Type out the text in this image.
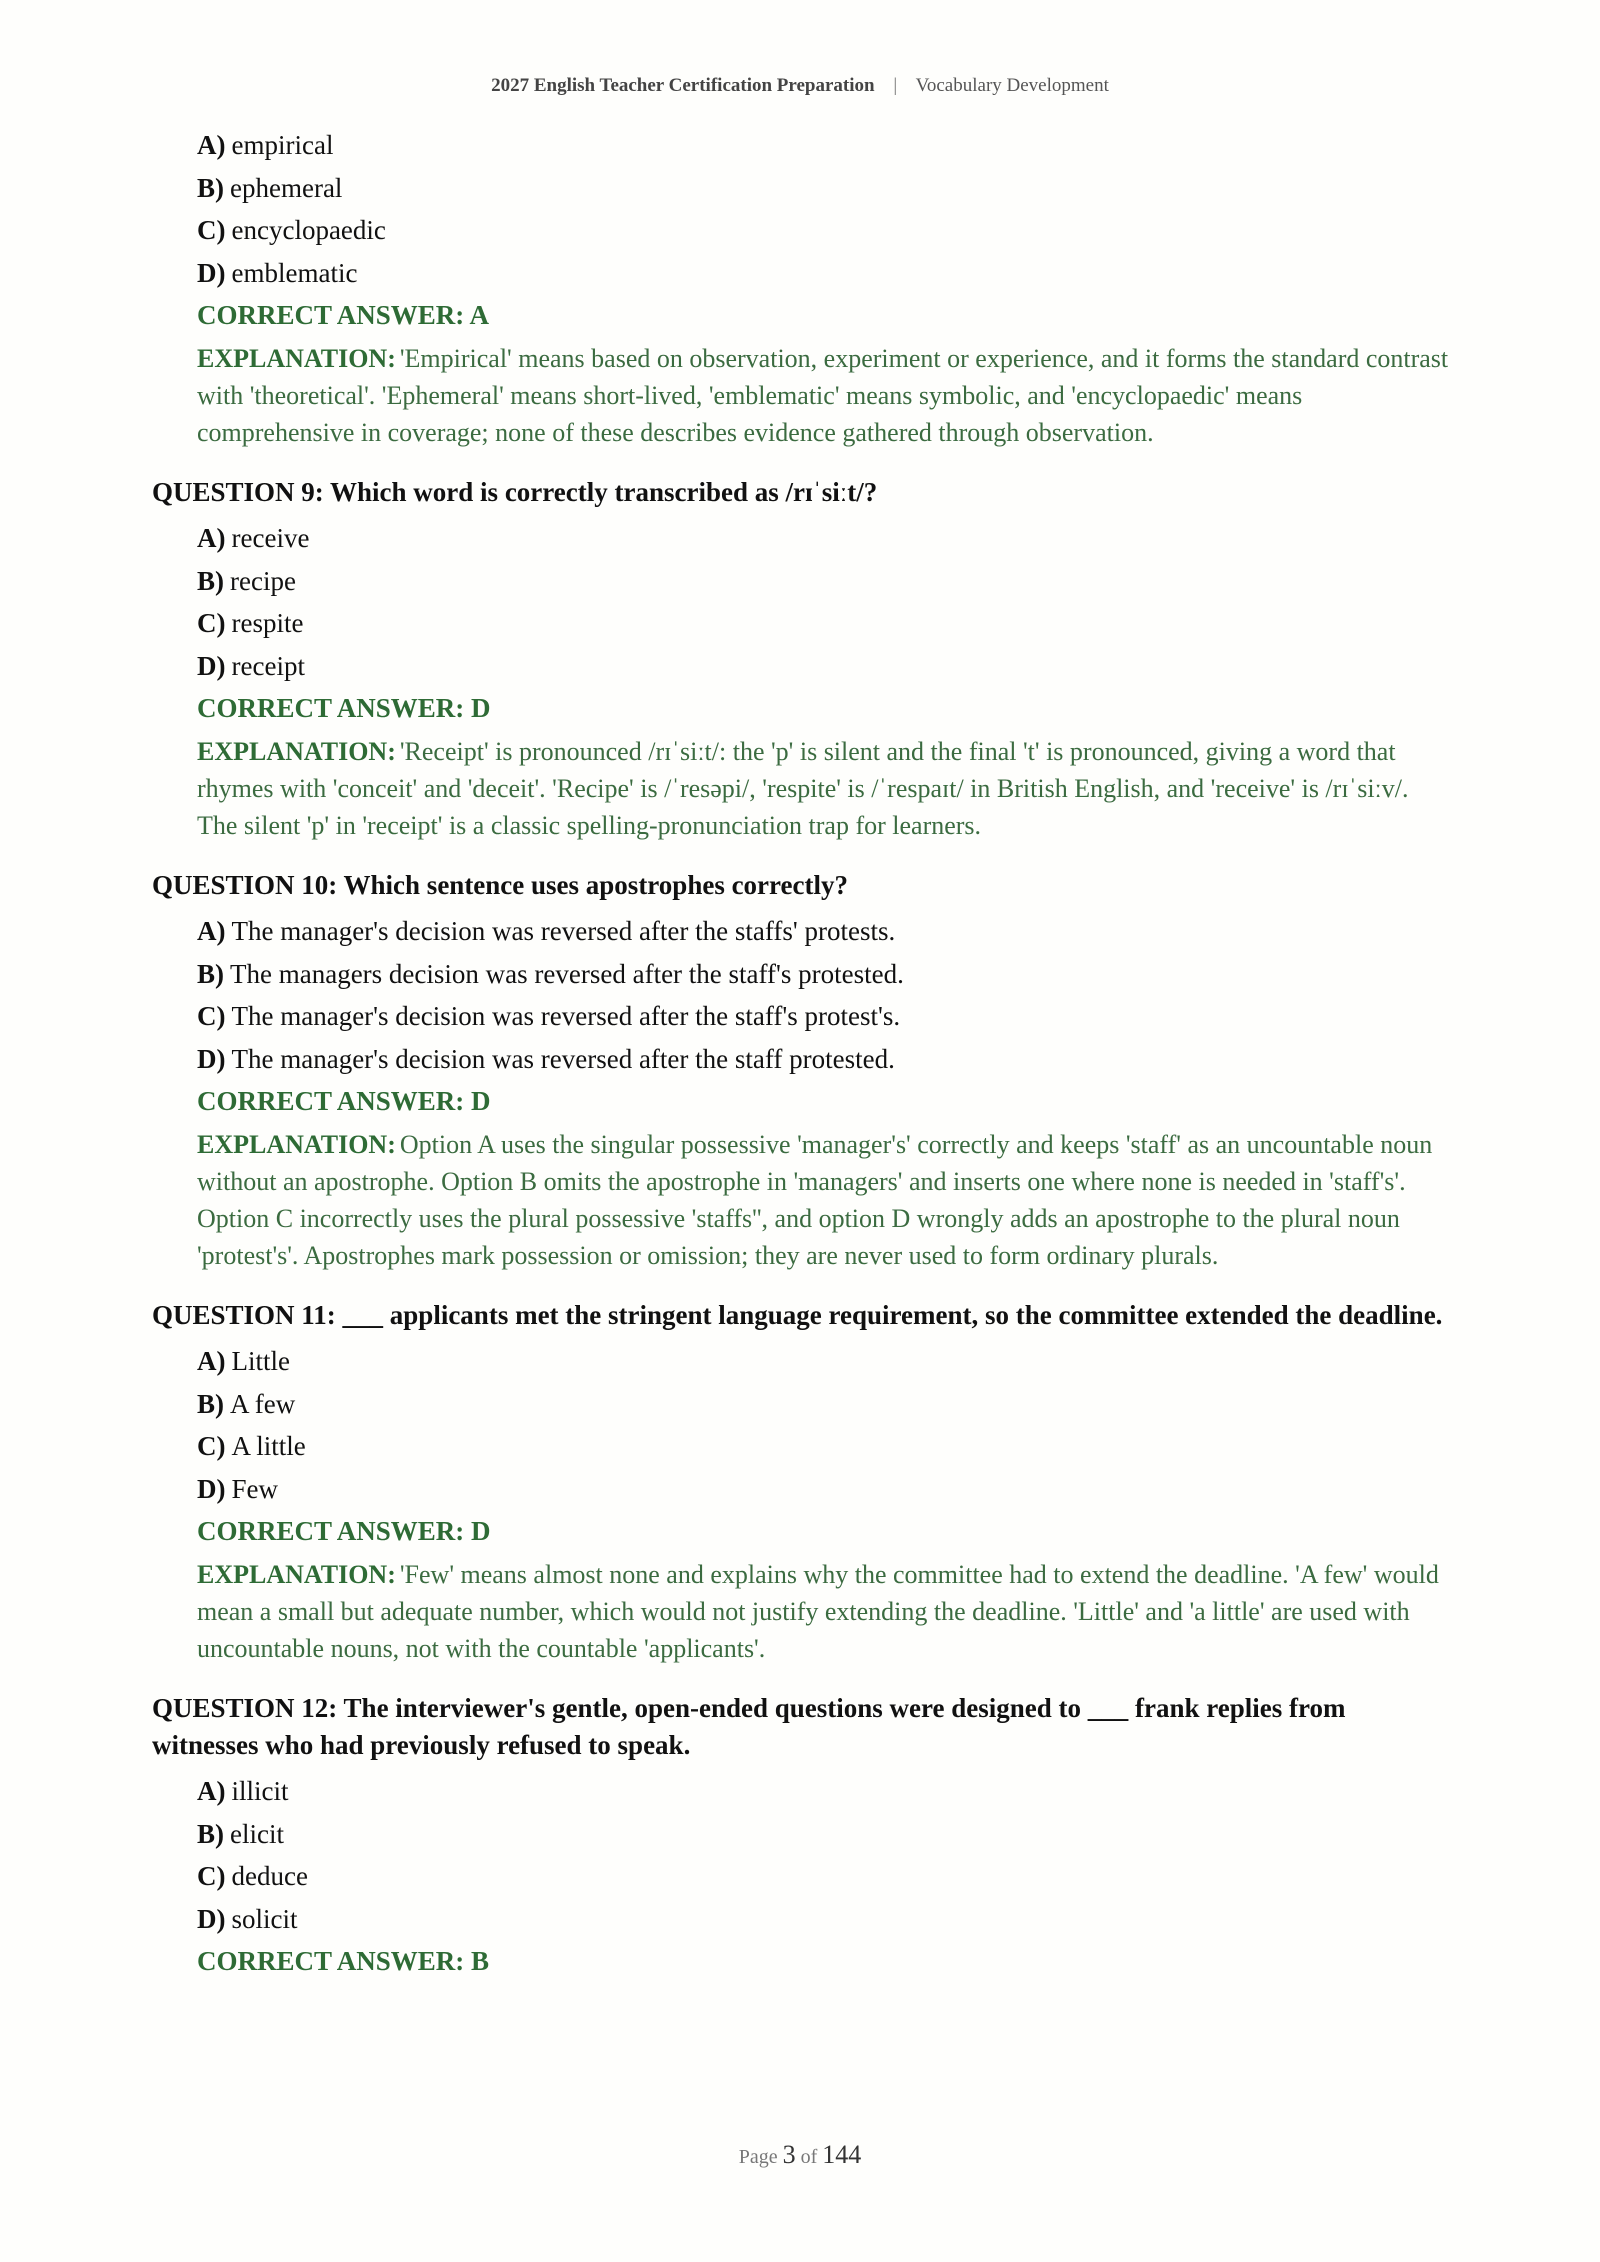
2027 English Teacher Certification Preparation | Vocabulary Development
A) empirical
B) ephemeral
C) encyclopaedic
D) emblematic
CORRECT ANSWER: A
EXPLANATION: 'Empirical' means based on observation, experiment or experience, and it forms the standard contrast with 'theoretical'. 'Ephemeral' means short-lived, 'emblematic' means symbolic, and 'encyclopaedic' means comprehensive in coverage; none of these describes evidence gathered through observation.
QUESTION 9: Which word is correctly transcribed as /rɪˈsiːt/?
A) receive
B) recipe
C) respite
D) receipt
CORRECT ANSWER: D
EXPLANATION: 'Receipt' is pronounced /rɪˈsiːt/: the 'p' is silent and the final 't' is pronounced, giving a word that rhymes with 'conceit' and 'deceit'. 'Recipe' is /ˈresəpi/, 'respite' is /ˈrespaɪt/ in British English, and 'receive' is /rɪˈsiːv/. The silent 'p' in 'receipt' is a classic spelling-pronunciation trap for learners.
QUESTION 10: Which sentence uses apostrophes correctly?
A) The manager's decision was reversed after the staffs' protests.
B) The managers decision was reversed after the staff's protested.
C) The manager's decision was reversed after the staff's protest's.
D) The manager's decision was reversed after the staff protested.
CORRECT ANSWER: D
EXPLANATION: Option A uses the singular possessive 'manager's' correctly and keeps 'staff' as an uncountable noun without an apostrophe. Option B omits the apostrophe in 'managers' and inserts one where none is needed in 'staff's'. Option C incorrectly uses the plural possessive 'staffs'', and option D wrongly adds an apostrophe to the plural noun 'protest's'. Apostrophes mark possession or omission; they are never used to form ordinary plurals.
QUESTION 11: ___ applicants met the stringent language requirement, so the committee extended the deadline.
A) Little
B) A few
C) A little
D) Few
CORRECT ANSWER: D
EXPLANATION: 'Few' means almost none and explains why the committee had to extend the deadline. 'A few' would mean a small but adequate number, which would not justify extending the deadline. 'Little' and 'a little' are used with uncountable nouns, not with the countable 'applicants'.
QUESTION 12: The interviewer's gentle, open-ended questions were designed to ___ frank replies from witnesses who had previously refused to speak.
A) illicit
B) elicit
C) deduce
D) solicit
CORRECT ANSWER: B
Page 3 of 144
